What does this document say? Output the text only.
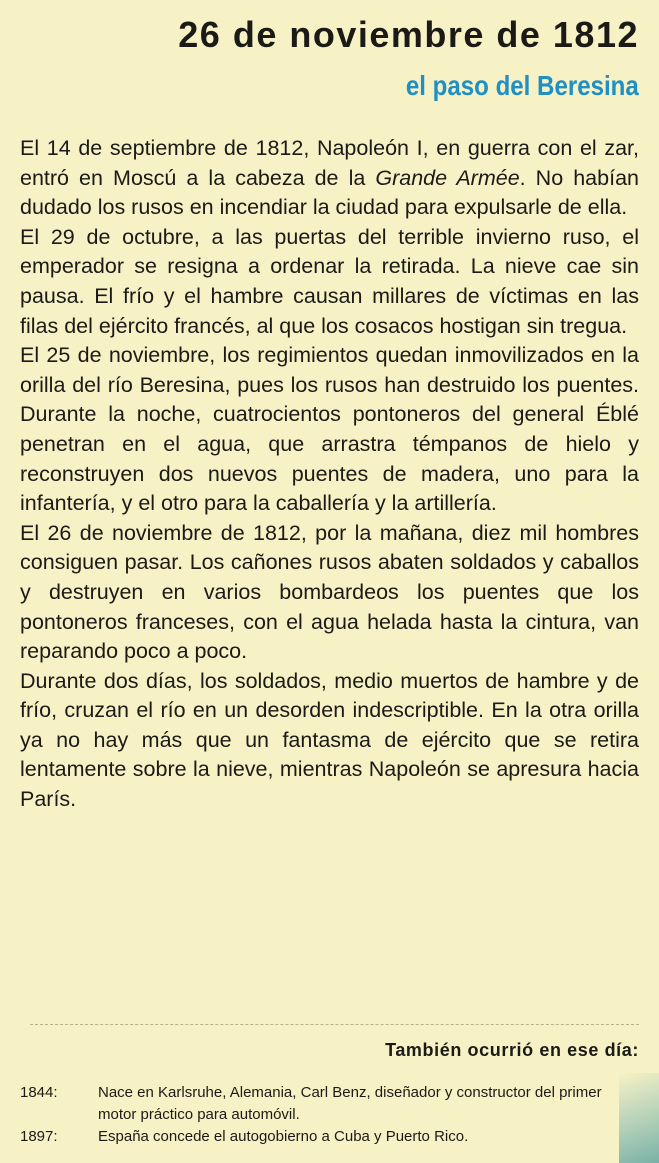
26 de noviembre de 1812
el paso del Beresina

El 14 de septiembre de 1812, Napoleón I, en guerra con el zar, entró en Moscú a la cabeza de la Grande Armée. No habían dudado los rusos en incendiar la ciudad para expulsarle de ella.

El 29 de octubre, a las puertas del terrible invierno ruso, el emperador se resigna a ordenar la retirada. La nieve cae sin pausa. El frío y el hambre causan millares de víctimas en las filas del ejército francés, al que los cosacos hostigan sin tregua.

El 25 de noviembre, los regimientos quedan inmovilizados en la orilla del río Beresina, pues los rusos han destruido los puentes. Durante la noche, cuatrocientos pontoneros del general Éblé penetran en el agua, que arrastra témpanos de hielo y reconstruyen dos nuevos puentes de madera, uno para la infantería, y el otro para la caballería y la artillería.

El 26 de noviembre de 1812, por la mañana, diez mil hombres consiguen pasar. Los cañones rusos abaten soldados y caballos y destruyen en varios bombardeos los puentes que los pontoneros franceses, con el agua helada hasta la cintura, van reparando poco a poco.

Durante dos días, los soldados, medio muertos de hambre y de frío, cruzan el río en un desorden indescriptible. En la otra orilla ya no hay más que un fantasma de ejército que se retira lentamente sobre la nieve, mientras Napoleón se apresura hacia París.

También ocurrió en ese día:
1844:	Nace en Karlsruhe, Alemania, Carl Benz, diseñador y constructor del primer motor práctico para automóvil.
1897:	España concede el autogobierno a Cuba y Puerto Rico.
